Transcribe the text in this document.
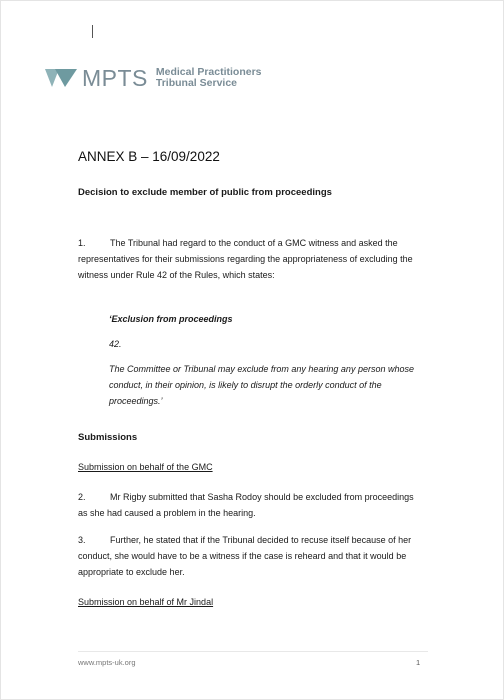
MPTS Medical Practitioners
Tribunal Service
ANNEX B – 16/09/2022
Decision to exclude member of public from proceedings
1.	The Tribunal had regard to the conduct of a GMC witness and asked the
representatives for their submissions regarding the appropriateness of excluding the
witness under Rule 42 of the Rules, which states:
‘Exclusion from proceedings
42.
The Committee or Tribunal may exclude from any hearing any person whose
conduct, in their opinion, is likely to disrupt the orderly conduct of the
proceedings.’
Submissions
Submission on behalf of the GMC
2.	Mr Rigby submitted that Sasha Rodoy should be excluded from proceedings
as she had caused a problem in the hearing.
3.	Further, he stated that if the Tribunal decided to recuse itself because of her
conduct, she would have to be a witness if the case is reheard and that it would be
appropriate to exclude her.
Submission on behalf of Mr Jindal
www.mpts-uk.org	1
